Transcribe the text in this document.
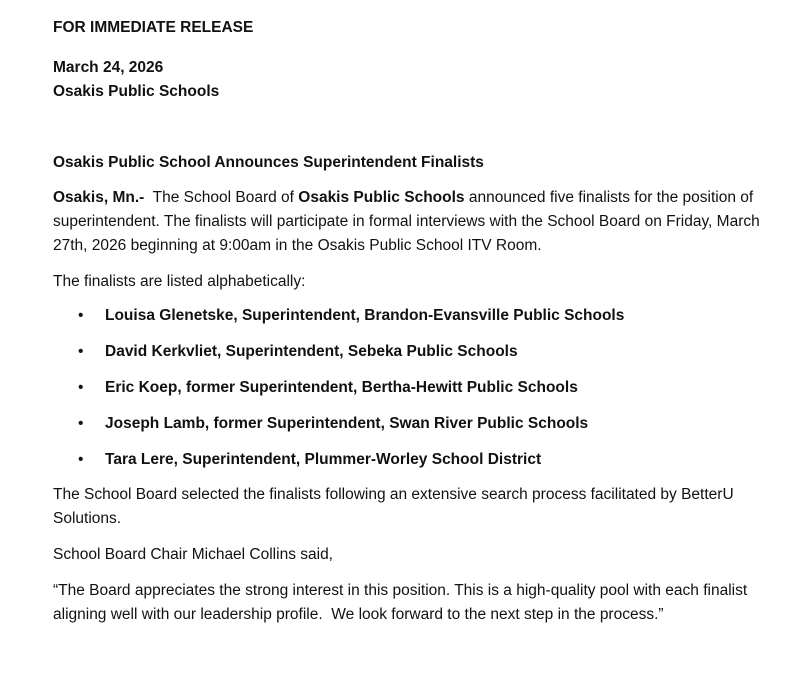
FOR IMMEDIATE RELEASE

March 24, 2026

Osakis Public Schools

Osakis Public School Announces Superintendent Finalists

Osakis, Mn.-  The School Board of Osakis Public Schools announced five finalists for the position of superintendent. The finalists will participate in formal interviews with the School Board on Friday, March 27th, 2026 beginning at 9:00am in the Osakis Public School ITV Room.

The finalists are listed alphabetically:

• Louisa Glenetske, Superintendent, Brandon-Evansville Public Schools
• David Kerkvliet, Superintendent, Sebeka Public Schools
• Eric Koep, former Superintendent, Bertha-Hewitt Public Schools
• Joseph Lamb, former Superintendent, Swan River Public Schools
• Tara Lere, Superintendent, Plummer-Worley School District

The School Board selected the finalists following an extensive search process facilitated by BetterU Solutions.

School Board Chair Michael Collins said,

“The Board appreciates the strong interest in this position. This is a high-quality pool with each finalist aligning well with our leadership profile.  We look forward to the next step in the process.”
